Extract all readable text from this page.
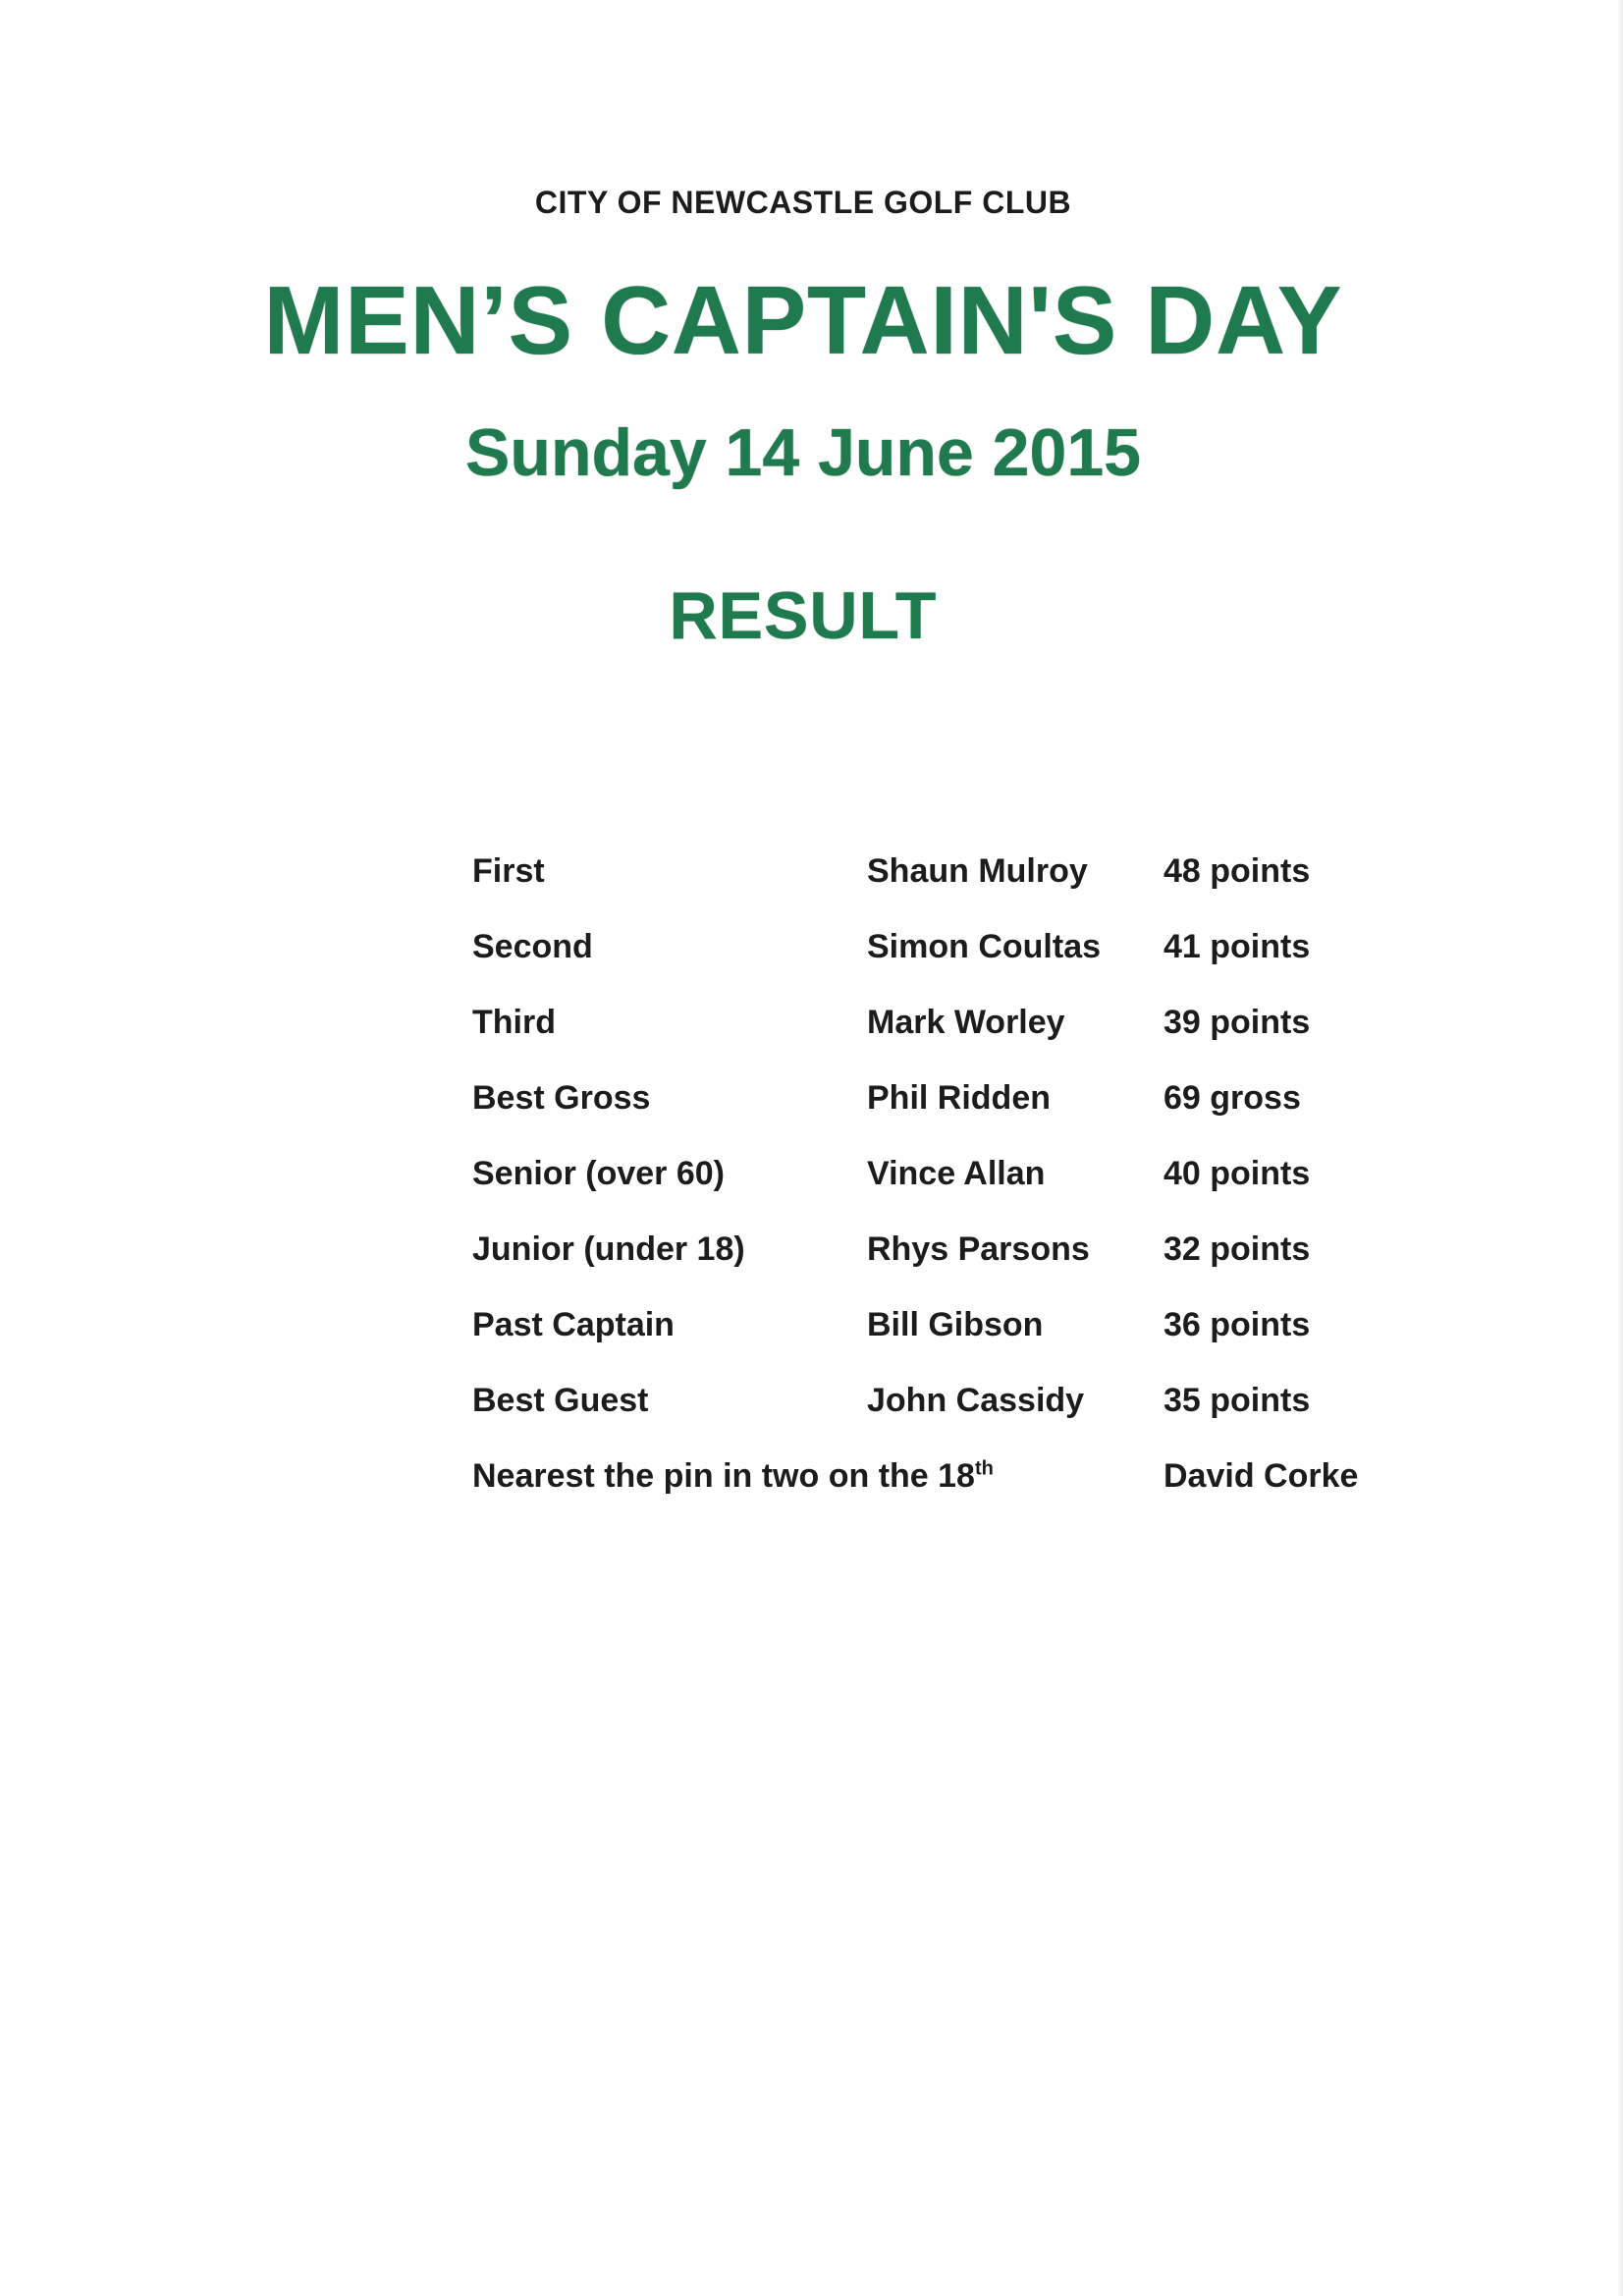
CITY OF NEWCASTLE GOLF CLUB
MEN’S CAPTAIN'S DAY
Sunday 14 June 2015
RESULT
First	Shaun Mulroy 48 points
Second	Simon Coultas 41 points
Third	Mark Worley	39 points
Best Gross	Phil Ridden	69 gross
Senior (over 60)	Vince Allan	40 points
Junior (under 18)	Rhys Parsons 32 points
Past Captain	Bill Gibson	36 points
Best Guest	John Cassidy 35 points
Nearest the pin in two on the 18th	David Corke
